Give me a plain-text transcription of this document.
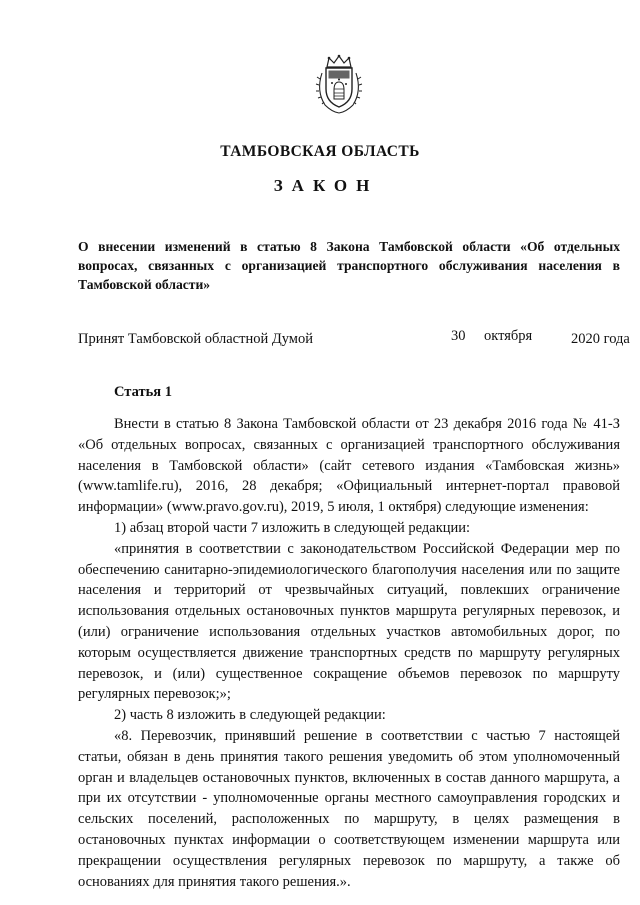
ТАМБОВСКАЯ ОБЛАСТЬ
ЗАКОН
О внесении изменений в статью 8 Закона Тамбовской области «Об отдельных вопросах, связанных с организацией транспортного обслуживания населения в Тамбовской области»
Принят Тамбовской областной Думой	30 октября	2020 года
Статья 1

Внести в статью 8 Закона Тамбовской области от 23 декабря 2016 года № 41-З «Об отдельных вопросах, связанных с организацией транспортного обслуживания населения в Тамбовской области» (сайт сетевого издания «Тамбовская жизнь» (www.tamlife.ru), 2016, 28 декабря; «Официальный интернет-портал правовой информации» (www.pravo.gov.ru), 2019, 5 июля, 1 октября) следующие изменения:

1) абзац второй части 7 изложить в следующей редакции:

«принятия в соответствии с законодательством Российской Федерации мер по обеспечению санитарно-эпидемиологического благополучия населения или по защите населения и территорий от чрезвычайных ситуаций, повлекших ограничение использования отдельных остановочных пунктов маршрута регулярных перевозок, и (или) ограничение использования отдельных участков автомобильных дорог, по которым осуществляется движение транспортных средств по маршруту регулярных перевозок, и (или) существенное сокращение объемов перевозок по маршруту регулярных перевозок;»;

2) часть 8 изложить в следующей редакции:

«8. Перевозчик, принявший решение в соответствии с частью 7 настоящей статьи, обязан в день принятия такого решения уведомить об этом уполномоченный орган и владельцев остановочных пунктов, включенных в состав данного маршрута, а при их отсутствии - уполномоченные органы местного самоуправления городских и сельских поселений, расположенных по маршруту, в целях размещения в остановочных пунктах информации о соответствующем изменении маршрута или прекращении осуществления регулярных перевозок по маршруту, а также об основаниях для принятия такого решения.».
